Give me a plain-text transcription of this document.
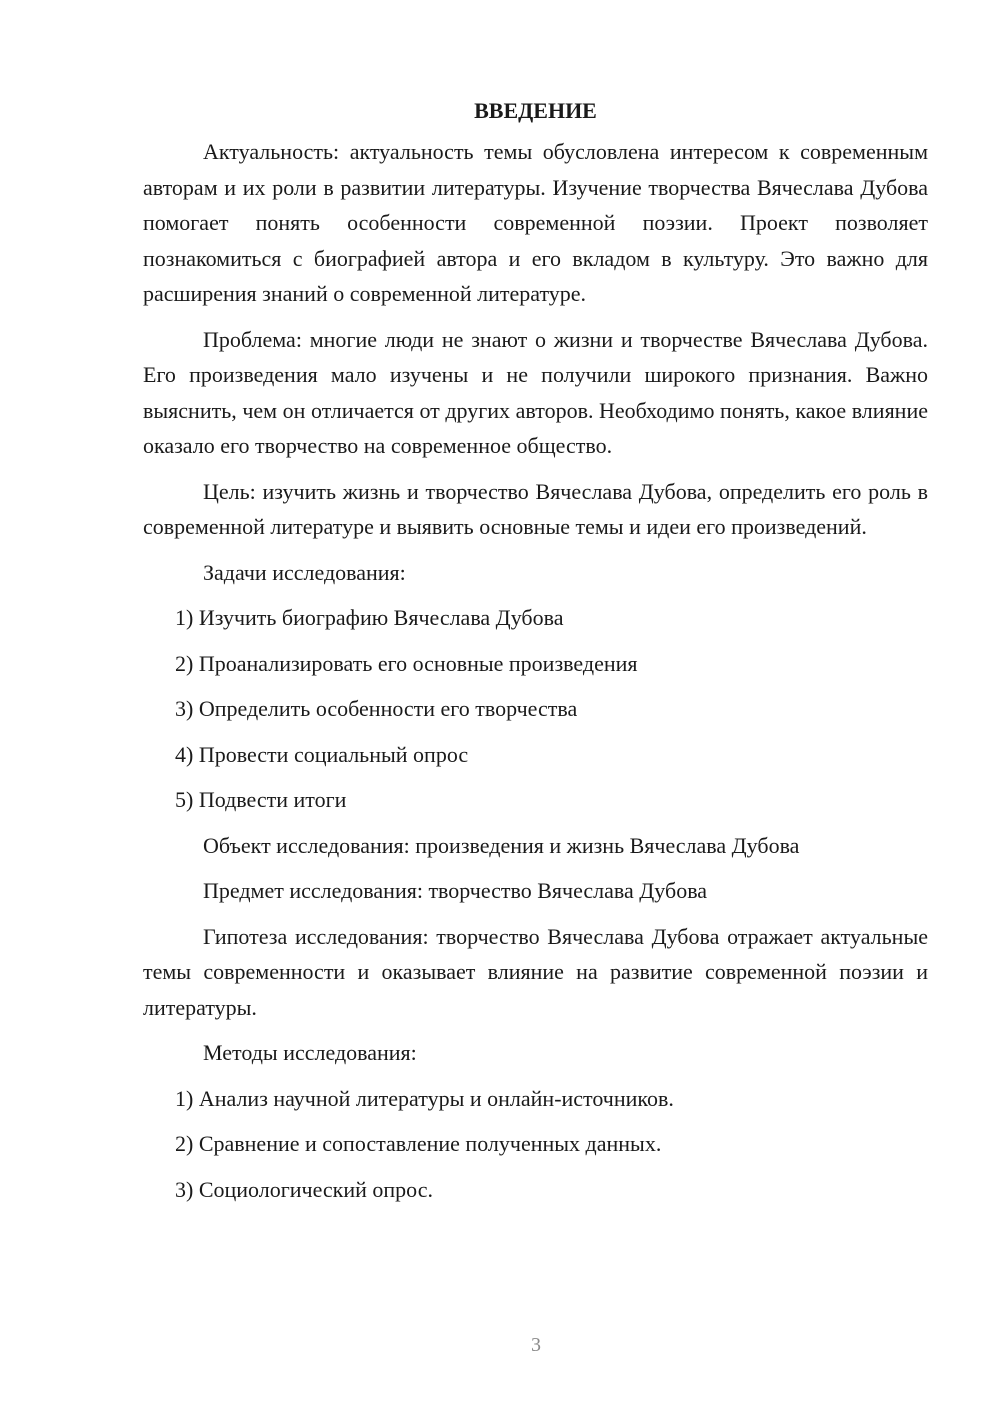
ВВЕДЕНИЕ

Актуальность: актуальность темы обусловлена интересом к современным авторам и их роли в развитии литературы. Изучение творчества Вячеслава Дубова помогает понять особенности современной поэзии. Проект позволяет познакомиться с биографией автора и его вкладом в культуру. Это важно для расширения знаний о современной литературе.

Проблема: многие люди не знают о жизни и творчестве Вячеслава Дубова. Его произведения мало изучены и не получили широкого признания. Важно выяснить, чем он отличается от других авторов. Необходимо понять, какое влияние оказало его творчество на современное общество.

Цель: изучить жизнь и творчество Вячеслава Дубова, определить его роль в современной литературе и выявить основные темы и идеи его произведений.

Задачи исследования:
1) Изучить биографию Вячеслава Дубова
2) Проанализировать его основные произведения
3) Определить особенности его творчества
4) Провести социальный опрос
5) Подвести итоги
Объект исследования: произведения и жизнь Вячеслава Дубова
Предмет исследования: творчество Вячеслава Дубова

Гипотеза исследования: творчество Вячеслава Дубова отражает актуальные темы современности и оказывает влияние на развитие современной поэзии и литературы.

Методы исследования:
1) Анализ научной литературы и онлайн-источников.
2) Сравнение и сопоставление полученных данных.
3) Социологический опрос.
3
